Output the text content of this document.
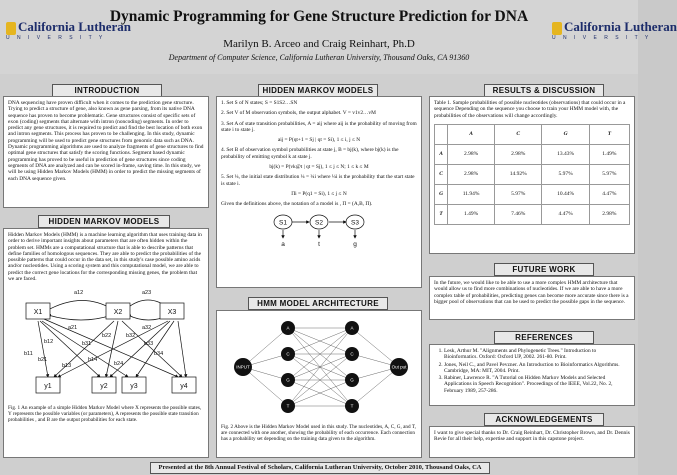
California Lutheran
U N I V E R S I T Y
Dynamic Programming for Gene Structure Prediction for DNA
Marilyn B. Arceo and Craig Reinhart, Ph.D
Department of Computer Science, California Lutheran University, Thousand Oaks, CA 91360
California Lutheran
U N I V E R S I T Y
INTRODUCTION
DNA sequencing have proven difficult when it comes to the prediction gene structure. Trying to predict a structure of gene, also known as gene parsing, from its native DNA sequence has proven to become problematic. Gene structures consist of specific sets of exon (coding) segments that alternate with intron (noncoding) segments. In order to predict any gene structures, it is required to predict and find the best location of both exon and intron segments. This process has proven to be challenging. In this study, dynamic programming will be used to predict gene structures from genomic data such as DNA. Dynamic programming algorithms are used to analyze fragments of gene structures to find optimal gene structures that satisfy the scoring functions. Segment based dynamic programming has proved to be useful in prediction of gene structures since coding segments of DNA are analyzed and can be scored in-frame, saving time. In this study, we will be using Hidden Markov Models (HMM) in order to predict the missing segments of each DNA sequence given.
HIDDEN MARKOV MODELS
Hidden Markov Models (HMM) is a machine learning algorithm that uses training data in order to derive important insights about parameters that are often hidden within the problem set. HMMs are a computational structure that is able to describe patterns that define families of homologous sequences. They are able to predict the probabilities of the possible patterns that could occur in the data set, in this study's case possible amino acids and/or nucleotides. Using a scoring system and this computational model, we are able to predict the correct gene locations for the corresponding missing genes, the problem that we are faced.
X1	X2	X3
y1	y2	y3	y4
a12
a21
a23
a32
b11
b12
b13
b14
b21
b22
b24
b31
b32
b33
b34
Fig. 1 An example of a simple Hidden Markov Model where X represents the possible states, Y represents the possible variables (or parameters), A represents the possible state transition probabilities , and B are the output probabilities for each state.
HIDDEN MARKOV MODELS
1. Set S of N states; S = S1S2…SN
2. Set V of M observation symbols, the output alphabet. V = v1v2…vM
3. Set A of state transition probabilities, A = aij where aij is the probability of moving from state i to state j.
aij = P(qt+1 = Sj | qt = Si), 1 ≤ i, j ≤ N
4. Set B of observation symbol probabilities at state j, B = bj(k), where bj(k) is the probability of emitting symbol k at state j.
bj(k) = P(vk@t | qt = Sj), 1 ≤ j ≤ N; 1 ≤ k ≤ M
5. Set ¼, the initial state distribution ¼ = ¼i where ¼i is the probability that the start state is state i.
Πi = P(q1 = Si), 1 ≤ j ≤ N
Given the definitions above, the notation of a model is , Π = (A,B, Π).
S1	S2	S3
a	t	g
HMM MODEL ARCHITECTURE
INPUT	Out put
A
C
G
T
A
C
G
T
Fig. 2 Above is the Hidden Markov Model used in this study. The nucleotides, A, C, G, and T, are connected with one another, showing the probability of each occurrence. Each connection has a probability set depending on the training data given to the algorithm.
RESULTS & DISCUSSION
Table 1. Sample probabilities of possible nucleotides (observations) that could occur in a sequence Depending on the sequence you choose to train your HMM model with, the probabilities of the observations will change accordingly.
	A	C	G	T
A	2.98%	2.98%	13.43%	1.49%
C	2.98%	14.92%	5.97%	5.97%
G	11.94%	5.97%	10.44%	4.47%
T	1.49%	7.46%	4.47%	2.98%
FUTURE WORK
In the future, we would like to be able to use a more complex HMM architecture that would allow us to find more combinations of nucleotides. If we are able to have a more complex table of probabilities, predicting genes can become more accurate since there is a bigger pool of observations that can be used to predict the possible gaps in the sequence.
REFERENCES
1. Lesk, Arthur M. "Alignments and Phylogenetic Trees." Introduction to Bioinformatics. Oxford: Oxford UP, 2002. 261-80. Print.
2. Jones, Neil C., and Pavel Pevzner. An Introduction to Bioinformatics Algorithms. Cambridge, MA: MIT, 2004. Print.
3. Rabiner, Lawrence R. "A Tutorial on Hidden Markov Models and Selected Applications in Speech Recognition". Proceedings of the IEEE, Vol.22, No. 2, February 1989, 257-286.
ACKNOWLEDGEMENTS
I want to give special thanks to Dr. Craig Reinhart, Dr. Christopher Brown, and Dr. Dennis Revie for all their help, expertise and support in this capstone project.
Presented at the 8th Annual Festival of Scholars, California Lutheran University, October 2010, Thousand Oaks, CA
